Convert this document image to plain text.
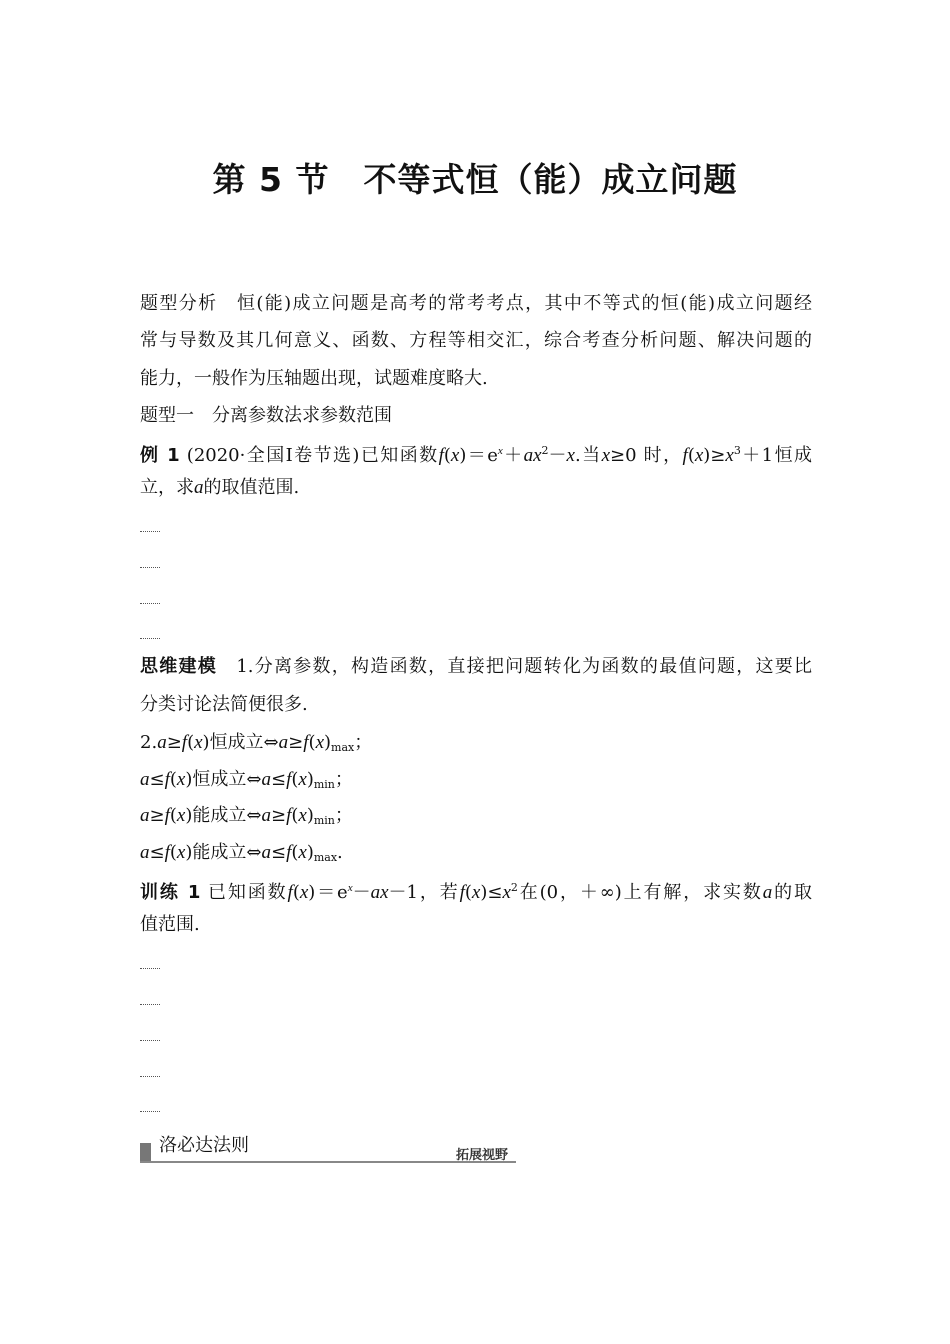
第 5 节 不等式恒（能）成立问题
题型分析　 恒(能)成立问题是高考的常考考点，其中不等式的恒(能)成立问题经
常与导数及其几何意义、函数、方程等相交汇，综合考查分析问题、解决问题的
能力，一般作为压轴题出现，试题难度略大.
题型一　分离参数法求参数范围
例 1 (2020·全国Ⅰ卷节选)已知函数$f(x)=e^x+ax^2-x$.当x≥0 时，$f(x)\ge x^3+1$恒成
立，求a的取值范围.
思维建模　 1.分离参数，构造函数，直接把问题转化为函数的最值问题，这要比
分类讨论法简便很多.
2.a≥f(x)恒成立$\Leftrightarrow a\ge f(x)_{max}$；
a≤f(x)恒成立$\Leftrightarrow a\le f(x)_{min}$；
a≥f(x)能成立$\Leftrightarrow a\ge f(x)_{min}$；
a≤f(x)能成立$\Leftrightarrow a\le f(x)_{max}$.
训练 1 已知函数$f(x)=e^x-ax-1$，若$f(x)\le x^2$在(0，＋∞)上有解，求实数a的取
值范围.
洛必达法则	拓展视野
